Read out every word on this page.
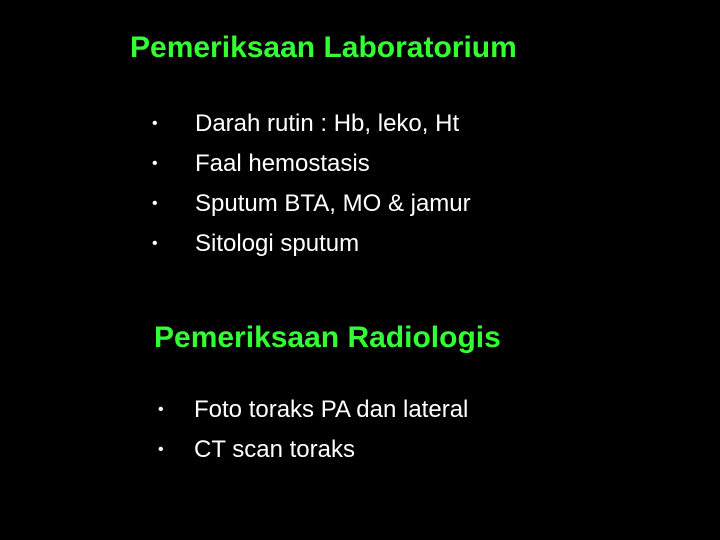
Pemeriksaan Laboratorium
• Darah rutin : Hb, leko, Ht
• Faal hemostasis
• Sputum BTA, MO & jamur
• Sitologi sputum
Pemeriksaan Radiologis
• Foto toraks PA dan lateral
• CT scan toraks
